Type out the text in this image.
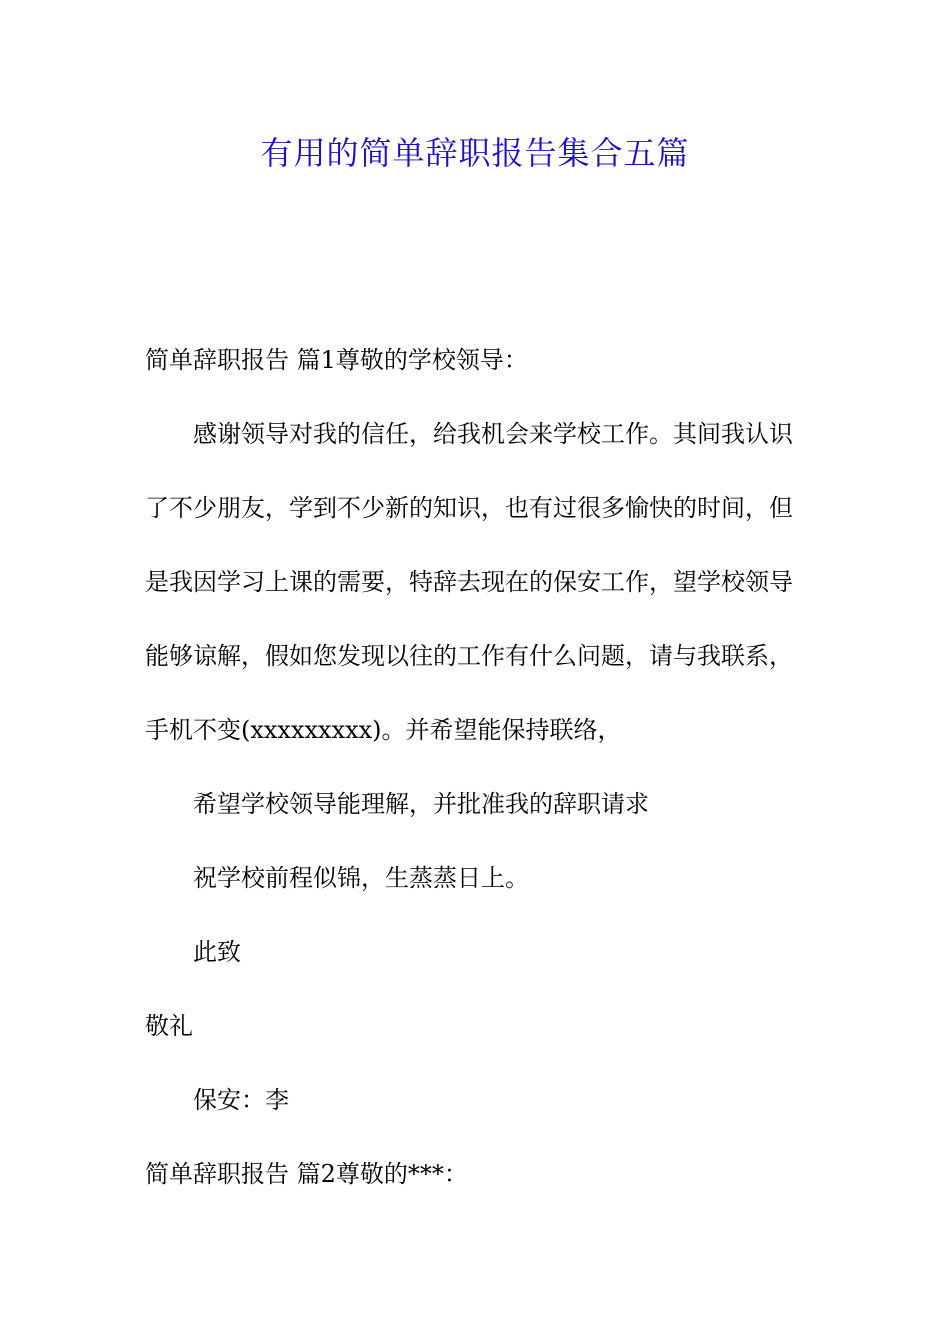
有用的简单辞职报告集合五篇
简单辞职报告 篇1尊敬的学校领导：
感谢领导对我的信任，给我机会来学校工作。其间我认识
了不少朋友，学到不少新的知识，也有过很多愉快的时间，但
是我因学习上课的需要，特辞去现在的保安工作，望学校领导
能够谅解，假如您发现以往的工作有什么问题，请与我联系，
手机不变(xxxxxxxxx)。并希望能保持联络，
希望学校领导能理解，并批准我的辞职请求
祝学校前程似锦，生蒸蒸日上。
此致
敬礼
保安：李
简单辞职报告 篇2尊敬的***：
